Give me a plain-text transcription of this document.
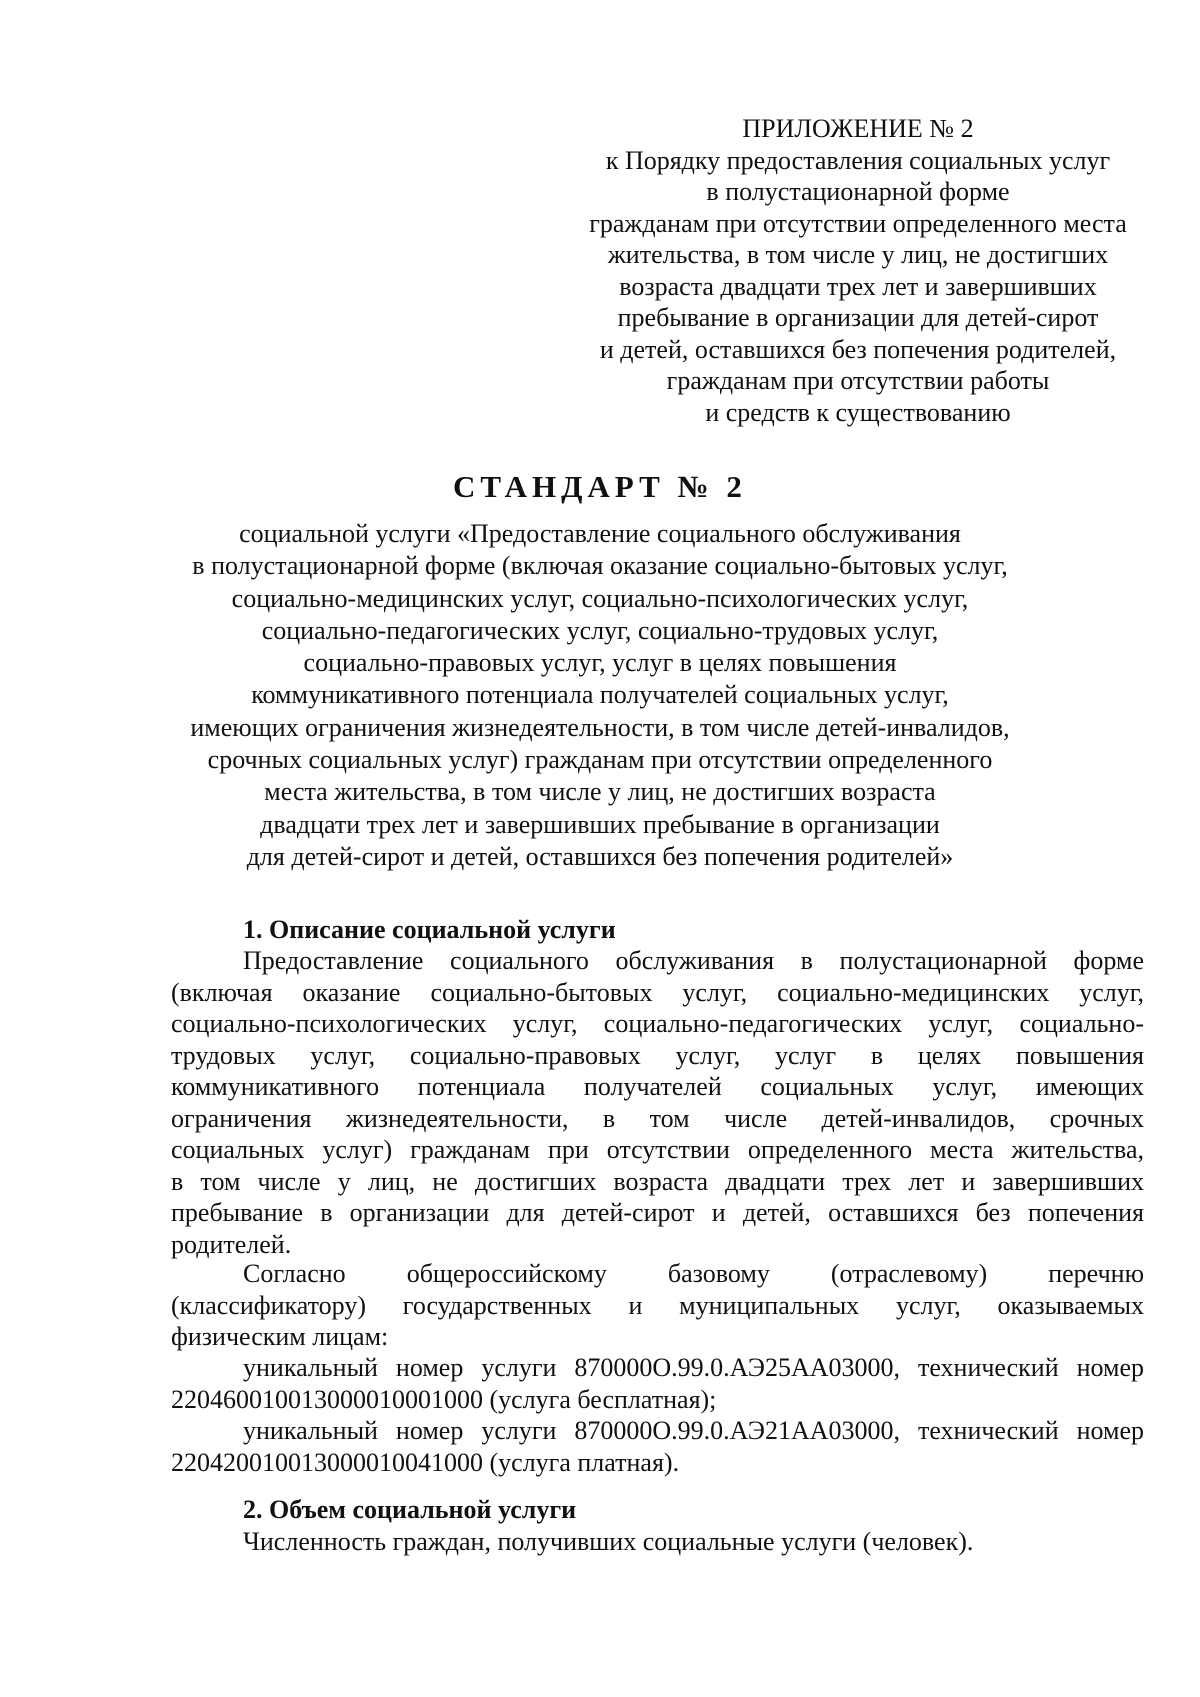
ПРИЛОЖЕНИЕ № 2
к Порядку предоставления социальных услуг
в полустационарной форме
гражданам при отсутствии определенного места
жительства, в том числе у лиц, не достигших
возраста двадцати трех лет и завершивших
пребывание в организации для детей-сирот
и детей, оставшихся без попечения родителей,
гражданам при отсутствии работы
и средств к существованию
СТАНДАРТ № 2
социальной услуги «Предоставление социального обслуживания
в полустационарной форме (включая оказание социально-бытовых услуг,
социально-медицинских услуг, социально-психологических услуг,
социально-педагогических услуг, социально-трудовых услуг,
социально-правовых услуг, услуг в целях повышения
коммуникативного потенциала получателей социальных услуг,
имеющих ограничения жизнедеятельности, в том числе детей-инвалидов,
срочных социальных услуг) гражданам при отсутствии определенного
места жительства, в том числе у лиц, не достигших возраста
двадцати трех лет и завершивших пребывание в организации
для детей-сирот и детей, оставшихся без попечения родителей»
1. Описание социальной услуги
Предоставление социального обслуживания в полустационарной форме
(включая оказание социально-бытовых услуг, социально-медицинских услуг,
социально-психологических услуг, социально-педагогических услуг, социально-
трудовых услуг, социально-правовых услуг, услуг в целях повышения
коммуникативного потенциала получателей социальных услуг, имеющих
ограничения жизнедеятельности, в том числе детей-инвалидов, срочных
социальных услуг) гражданам при отсутствии определенного места жительства,
в том числе у лиц, не достигших возраста двадцати трех лет и завершивших
пребывание в организации для детей-сирот и детей, оставшихся без попечения
родителей.
Согласно общероссийскому базовому (отраслевому) перечню
(классификатору) государственных и муниципальных услуг, оказываемых
физическим лицам:
уникальный номер услуги 870000О.99.0.АЭ25АА03000, технический номер
220460010013000010001000 (услуга бесплатная);
уникальный номер услуги 870000О.99.0.АЭ21АА03000, технический номер
220420010013000010041000 (услуга платная).
2. Объем социальной услуги
Численность граждан, получивших социальные услуги (человек).
